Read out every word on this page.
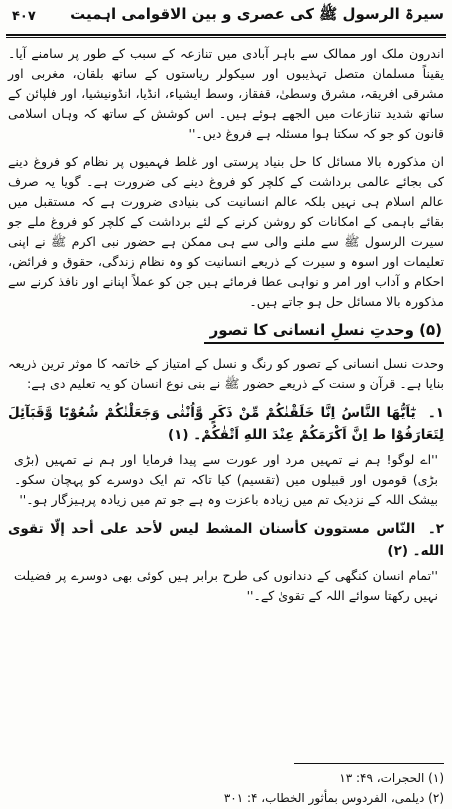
سیرۃ الرسول ﷺ کی عصری و بین الاقوامی اہمیت
۴۰۷

اندرون ملک اور ممالک سے باہر آبادی میں تنازعہ کے سبب کے طور پر سامنے آیا۔ یقیناً مسلمان متصل تہذیبوں اور سیکولر ریاستوں کے ساتھ بلقان، مغربی اور مشرقی افریقہ، مشرق وسطیٰ، قفقاز، وسط ایشیاء، انڈیا، انڈونیشیا، اور فلپائن کے ساتھ شدید تنازعات میں الجھے ہوئے ہیں۔ اس کوشش کے ساتھ کہ وہاں اسلامی قانون کو جو کہ سکتا ہوا مسئلہ ہے فروغ دیں۔''

ان مذکورہ بالا مسائل کا حل بنیاد پرستی اور غلط فہمیوں پر نظام کو فروغ دینے کی بجائے عالمی برداشت کے کلچر کو فروغ دینے کی ضرورت ہے۔ گویا یہ صرف عالم اسلام ہی نہیں بلکہ عالم انسانیت کی بنیادی ضرورت ہے کہ مستقبل میں بقائے باہمی کے امکانات کو روشن کرنے کے لئے برداشت کے کلچر کو فروغ ملے جو سیرت الرسول ﷺ سے ملنے والی سے ہی ممکن ہے حضور نبی اکرم ﷺ نے اپنی تعلیمات اور اسوہ و سیرت کے ذریعے انسانیت کو وہ نظام زندگی، حقوق و فرائض، احکام و آداب اور امر و نواہی عطا فرمائے ہیں جن کو عملاً اپنانے اور نافذ کرنے سے مذکورہ بالا مسائل حل ہو جاتے ہیں۔

(۵) وحدتِ نسلِ انسانی کا تصور

وحدت نسل انسانی کے تصور کو رنگ و نسل کے امتیاز کے خاتمہ کا موثر ترین ذریعہ بنایا ہے۔ قرآن و سنت کے ذریعے حضور ﷺ نے بنی نوع انسان کو یہ تعلیم دی ہے:

۱۔ یٰٓاَیُّهَا النَّاسُ اِنَّا خَلَقْنٰکُمْ مِّنْ ذَکَرٍ وَّاُنْثٰی وَجَعَلْنٰکُمْ شُعُوْبًا وَّقَبَآئِلَ لِتَعَارَفُوْا ط اِنَّ اَکْرَمَکُمْ عِنْدَ اللهِ اَتْقٰکُمْ۔ (۱)

''اے لوگو! ہم نے تمہیں مرد اور عورت سے پیدا فرمایا اور ہم نے تمہیں (بڑی بڑی) قوموں اور قبیلوں میں (تقسیم) کیا تاکہ تم ایک دوسرے کو پہچان سکو۔ بیشک اللہ کے نزدیک تم میں زیادہ باعزت وہ ہے جو تم میں زیادہ پرہیزگار ہو۔''

۲۔ النّاس مستوون کأسنان المشط لیس لأحد علی أحد إلّا تقوی الله۔ (۲)

''تمام انسان کنگھی کے دندانوں کی طرح برابر ہیں کوئی بھی دوسرے پر فضیلت نہیں رکھتا سوائے اللہ کے تقویٰ کے۔''

(۱) الحجرات، ۴۹: ۱۳
(۲) دیلمی، الفردوس بمأثور الخطاب، ۴: ۳۰۱
